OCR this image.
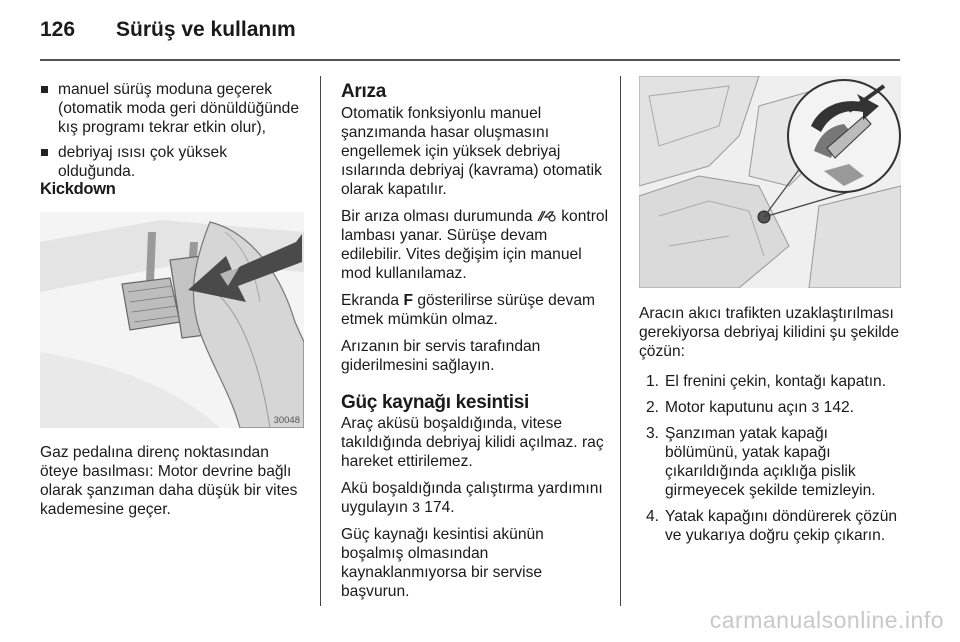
126	Sürüş ve kullanım
manuel sürüş moduna geçerek (otomatik moda geri dönüldüğünde kış programı tekrar etkin olur),
debriyaj ısısı çok yüksek olduğunda.
Kickdown
30048

Gaz pedalına direnç noktasından öteye basılması: Motor devrine bağlı olarak şanzıman daha düşük bir vites kademesine geçer.

Arıza

Otomatik fonksiyonlu manuel şanzımanda hasar oluşmasını engellemek için yüksek debriyaj ısılarında debriyaj (kavrama) otomatik olarak kapatılır.

Bir arıza olması durumunda kontrol lambası yanar. Sürüşe devam edilebilir. Vites değişim için manuel mod kullanılamaz.

Ekranda F gösterilirse sürüşe devam etmek mümkün olmaz.

Arızanın bir servis tarafından giderilmesini sağlayın.

Güç kaynağı kesintisi

Araç aküsü boşaldığında, vitese takıldığında debriyaj kilidi açılmaz. raç hareket ettirilemez.

Akü boşaldığında çalıştırma yardımını uygulayın 3 174.

Güç kaynağı kesintisi akünün boşalmış olmasından kaynaklanmıyorsa bir servise başvurun.

Aracın akıcı trafikten uzaklaştırılması gerekiyorsa debriyaj kilidini şu şekilde çözün:

1. El frenini çekin, kontağı kapatın.
2. Motor kaputunu açın 3 142.
3. Şanzıman yatak kapağı bölümünü, yatak kapağı çıkarıldığında açıklığa pislik girmeyecek şekilde temizleyin.
4. Yatak kapağını döndürerek çözün ve yukarıya doğru çekip çıkarın.
carmanualsonline.info
